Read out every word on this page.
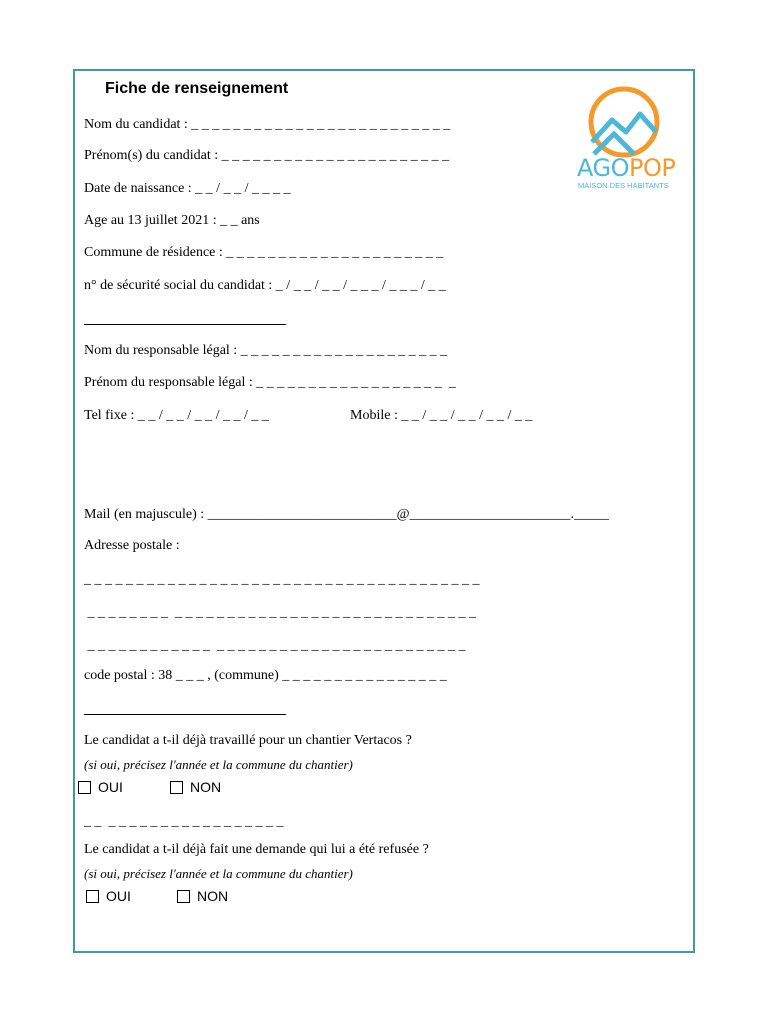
Fiche de renseignement
AGOPOP
MAISON DES HABITANTS
Nom du candidat : _ _ _ _ _ _ _ _ _ _ _ _ _ _ _ _ _ _ _ _ _ _ _ _ _
Prénom(s) du candidat : _ _ _ _ _ _ _ _ _ _ _ _ _ _ _ _ _ _ _ _ _ _
Date de naissance : _ _ / _ _ / _ _ _ _
Age au 13 juillet 2021 : _ _ ans
Commune de résidence : _ _ _ _ _ _ _ _ _ _ _ _ _ _ _ _ _ _ _ _ _
n° de sécurité social du candidat : _ / _ _ / _ _ / _ _ _ / _ _ _ / _ _
Nom du responsable légal : _ _ _ _ _ _ _ _ _ _ _ _ _ _ _ _ _ _ _ _
Prénom du responsable légal : _ _ _ _ _ _ _ _ _ _ _ _ _ _ _ _ _ _  _
Tel fixe : _ _ / _ _ / _ _ / _ _ / _ _	Mobile : _ _ / _ _ / _ _ / _ _ / _ _
Mail (en majuscule) : ___________________________@_______________________._____
Adresse postale :
_ _ _ _ _ _ _ _ _ _ _ _ _ _ _ _ _ _ _ _ _ _ _ _ _ _ _ _ _ _ _ _ _ _ _ _ _ _
_ _ _ _ _ _ _ _  _ _ _ _ _ _ _ _ _ _ _ _ _ _ _ _ _ _ _ _ _ _ _ _ _ _ _ _ _
_ _ _ _ _ _ _ _ _ _ _ _  _ _ _ _ _ _ _ _ _ _ _ _ _ _ _ _ _ _ _ _ _ _ _ _
code postal : 38 _ _ _ , (commune) _ _ _ _ _ _ _ _ _ _ _ _ _ _ _ _
Le candidat a t-il déjà travaillé pour un chantier Vertacos ?
(si oui, précisez l'année et la commune du chantier)
OUI	NON
_ _  _ _ _ _ _ _ _ _ _ _ _ _ _ _ _ _ _
Le candidat a t-il déjà fait une demande qui lui a été refusée ?
(si oui, précisez l'année et la commune du chantier)
OUI	NON
